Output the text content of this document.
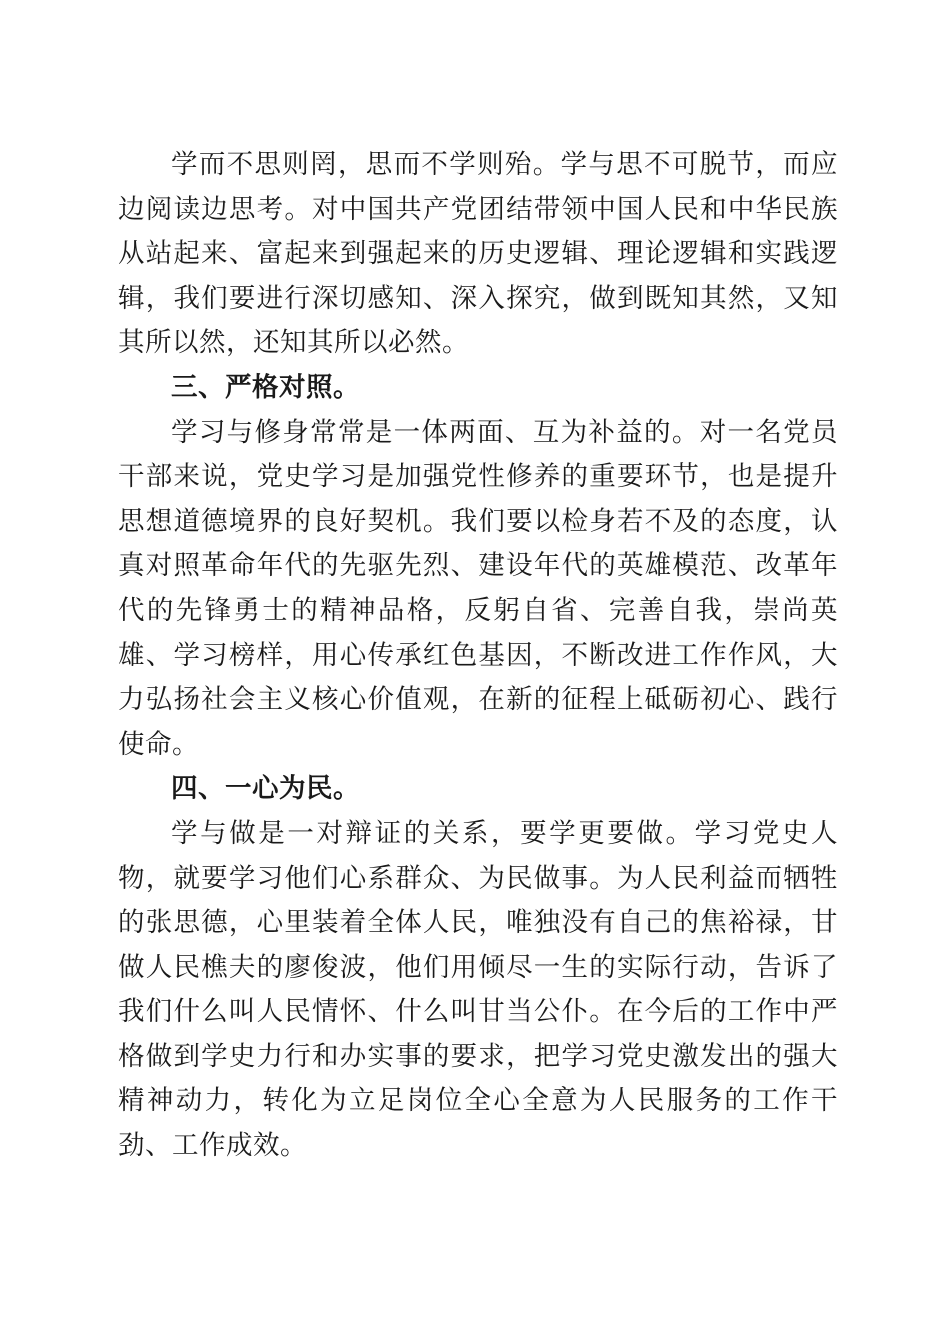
学而不思则罔，思而不学则殆。学与思不可脱节，而应边阅读边思考。对中国共产党团结带领中国人民和中华民族从站起来、富起来到强起来的历史逻辑、理论逻辑和实践逻辑，我们要进行深切感知、深入探究，做到既知其然，又知其所以然，还知其所以必然。

三、严格对照。

学习与修身常常是一体两面、互为补益的。对一名党员干部来说，党史学习是加强党性修养的重要环节，也是提升思想道德境界的良好契机。我们要以检身若不及的态度，认真对照革命年代的先驱先烈、建设年代的英雄模范、改革年代的先锋勇士的精神品格，反躬自省、完善自我，崇尚英雄、学习榜样，用心传承红色基因，不断改进工作作风，大力弘扬社会主义核心价值观，在新的征程上砥砺初心、践行使命。

四、一心为民。

学与做是一对辩证的关系，要学更要做。学习党史人物，就要学习他们心系群众、为民做事。为人民利益而牺牲的张思德，心里装着全体人民，唯独没有自己的焦裕禄，甘做人民樵夫的廖俊波，他们用倾尽一生的实际行动，告诉了我们什么叫人民情怀、什么叫甘当公仆。在今后的工作中严格做到学史力行和办实事的要求，把学习党史激发出的强大精神动力，转化为立足岗位全心全意为人民服务的工作干劲、工作成效。
